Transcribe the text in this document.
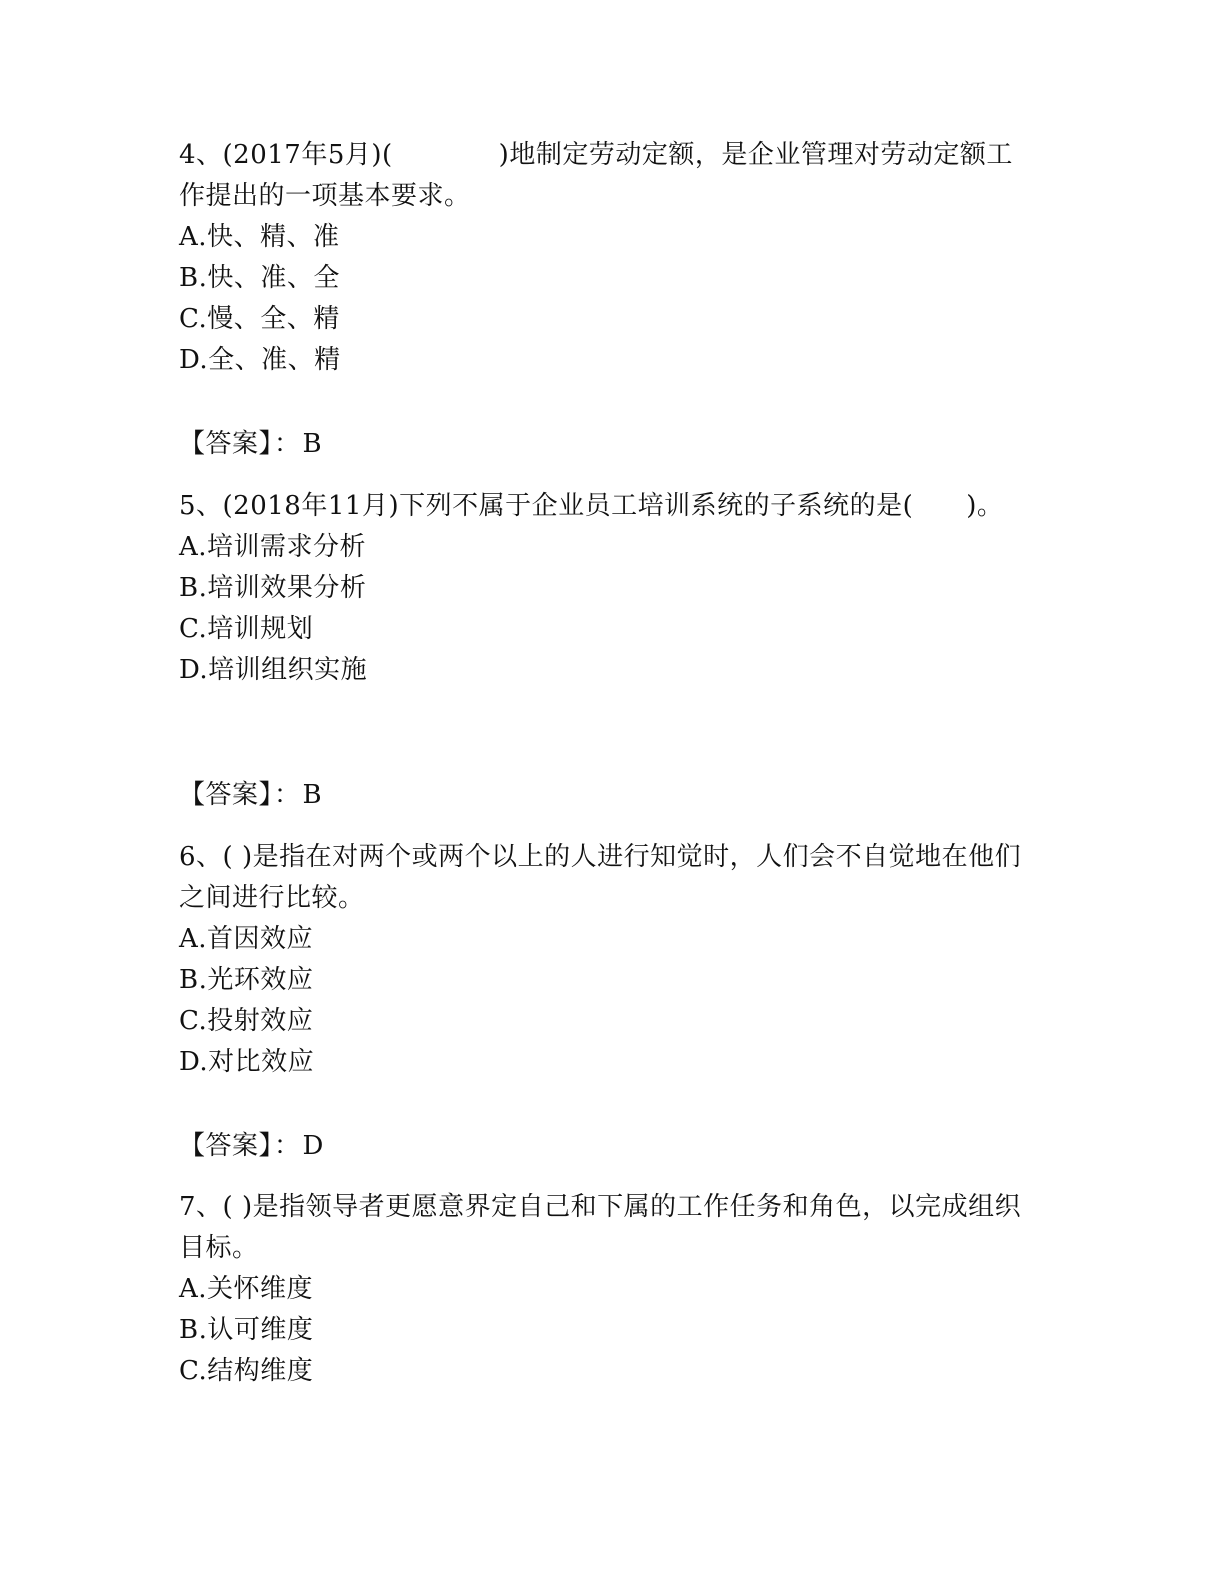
4、(2017年5月)(　　　　)地制定劳动定额，是企业管理对劳动定额工作提出的一项基本要求。

A.快、精、准

B.快、准、全

C.慢、全、精

D.全、准、精

【答案】：B

5、(2018年11月)下列不属于企业员工培训系统的子系统的是(　　)。

A.培训需求分析

B.培训效果分析

C.培训规划

D.培训组织实施

【答案】：B

6、( )是指在对两个或两个以上的人进行知觉时，人们会不自觉地在他们之间进行比较。

A.首因效应

B.光环效应

C.投射效应

D.对比效应

【答案】：D

7、( )是指领导者更愿意界定自己和下属的工作任务和角色，以完成组织目标。

A.关怀维度

B.认可维度

C.结构维度
